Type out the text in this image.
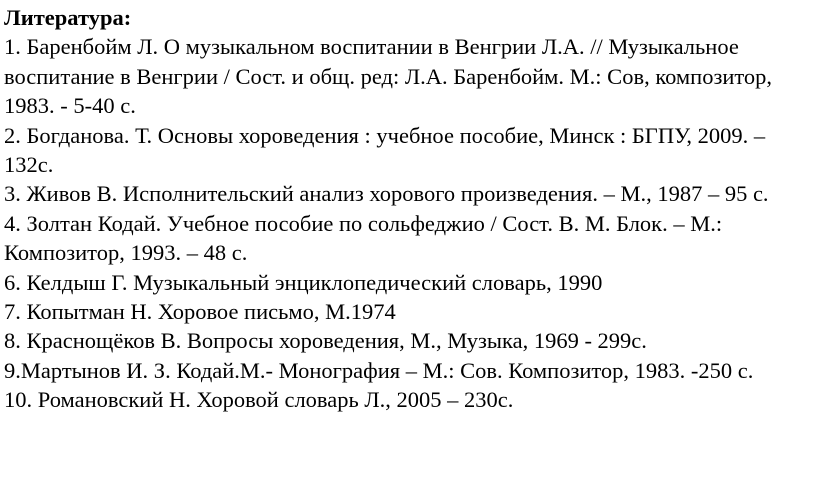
Литература:

1. Баренбойм Л. О музыкальном воспитании в Венгрии Л.А. // Музыкальное воспитание в Венгрии / Сост. и общ. ред: Л.А. Баренбойм. М.: Сов, композитор, 1983. - 5-40 с.
2. Богданова. Т. Основы хороведения : учебное пособие, Минск : БГПУ, 2009. – 132с.
3. Живов В. Исполнительский анализ хорового произведения. – М., 1987 – 95 с.
4. Золтан Кодай. Учебное пособие по сольфеджио / Сост. В. М. Блок. – М.: Композитор, 1993. – 48 с.
6. Келдыш Г. Музыкальный энциклопедический словарь, 1990
7. Копытман Н. Хоровое письмо, М.1974
8. Краснощёков В. Вопросы хороведения, М., Музыка, 1969 - 299с.
9.Мартынов И. З. Кодай.М.- Монография – М.: Сов. Композитор, 1983. -250 с.
10. Романовский Н. Хоровой словарь Л., 2005 – 230с.
